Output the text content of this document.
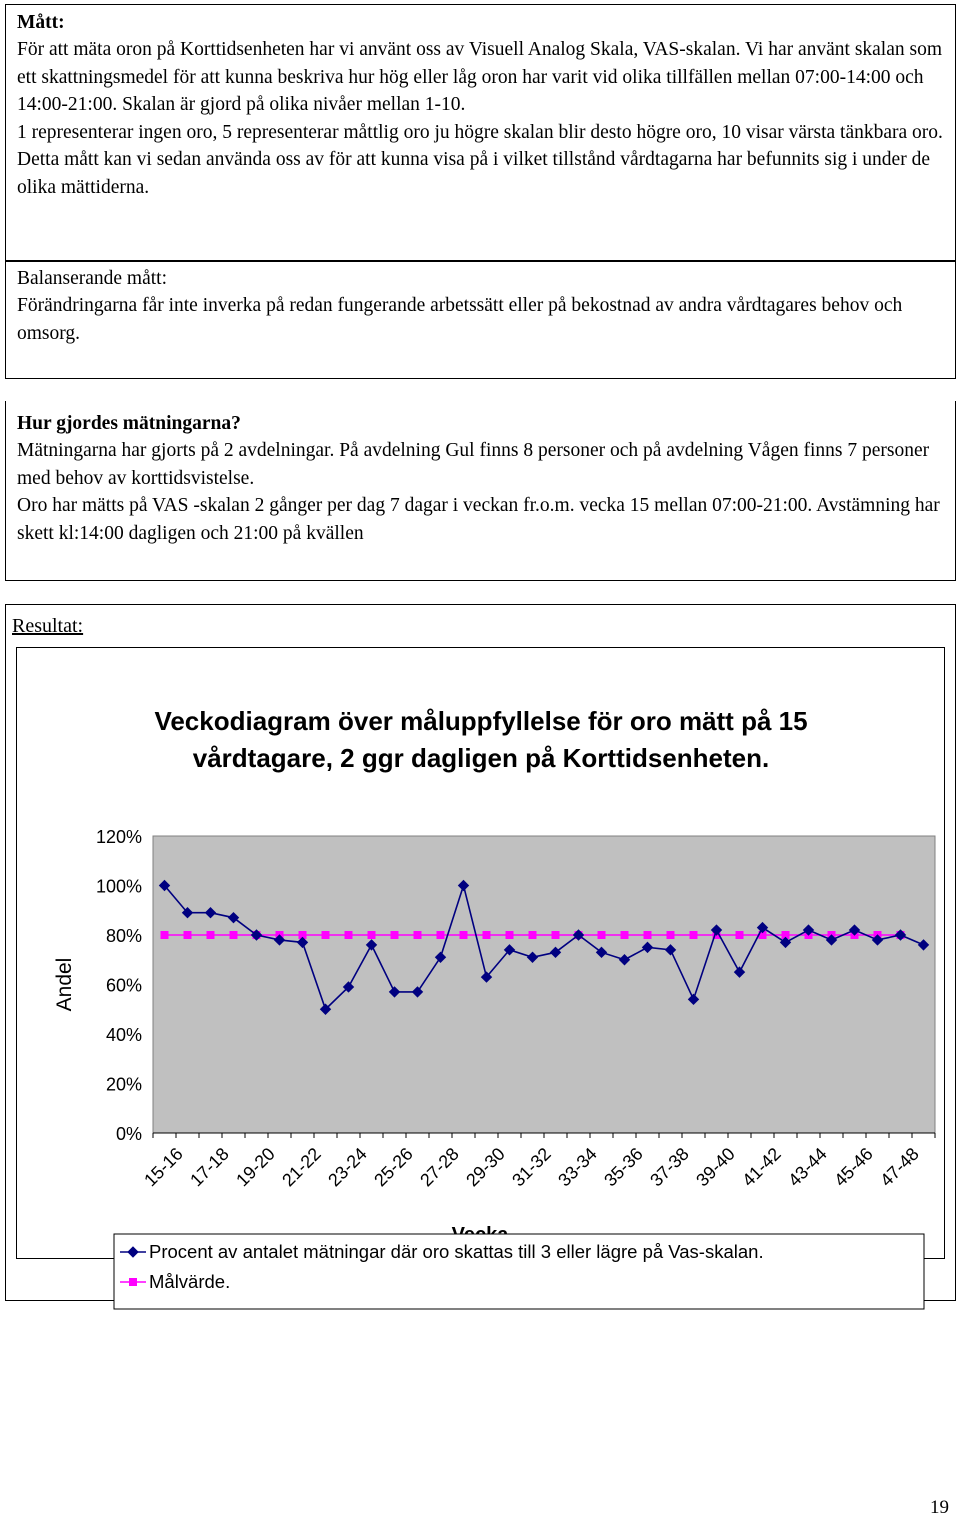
Mått:

För att mäta oron på Korttidsenheten har vi använt oss av Visuell Analog Skala, VAS-skalan. Vi har använt skalan som ett skattningsmedel för att kunna beskriva hur hög eller låg oron har varit vid olika tillfällen mellan 07:00-14:00 och 14:00-21:00. Skalan är gjord på olika nivåer mellan 1-10.

1 representerar ingen oro, 5 representerar måttlig oro ju högre skalan blir desto högre oro, 10 visar värsta tänkbara oro. Detta mått kan vi sedan använda oss av för att kunna visa på i vilket tillstånd vårdtagarna har befunnits sig i under de olika mättiderna.

Balanserande mått:

Förändringarna får inte inverka på redan fungerande arbetssätt eller på bekostnad av andra vårdtagares behov och omsorg.

Hur gjordes mätningarna?

Mätningarna har gjorts på 2 avdelningar. På avdelning Gul finns 8 personer och på avdelning Vågen finns 7 personer med behov av korttidsvistelse.

Oro har mätts på VAS -skalan 2 gånger per dag 7 dagar i veckan fr.o.m. vecka 15 mellan 07:00-21:00. Avstämning har skett kl:14:00 dagligen och 21:00 på kvällen

Resultat:

Veckodiagram över måluppfyllelse för oro mätt på 15
vårdtagare, 2 ggr dagligen på Korttidsenheten.
0%
20%
40%
60%
80%
100%
120%
15-16 17-18 19-20 21-22 23-24 25-26 27-28 29-30 31-32 33-34 35-36 37-38 39-40 41-42 43-44 45-46 47-48
Andel
Procent av antalet mätningar där oro skattas till 3 eller lägre på Vas-skalan.
Målvärde.
19
